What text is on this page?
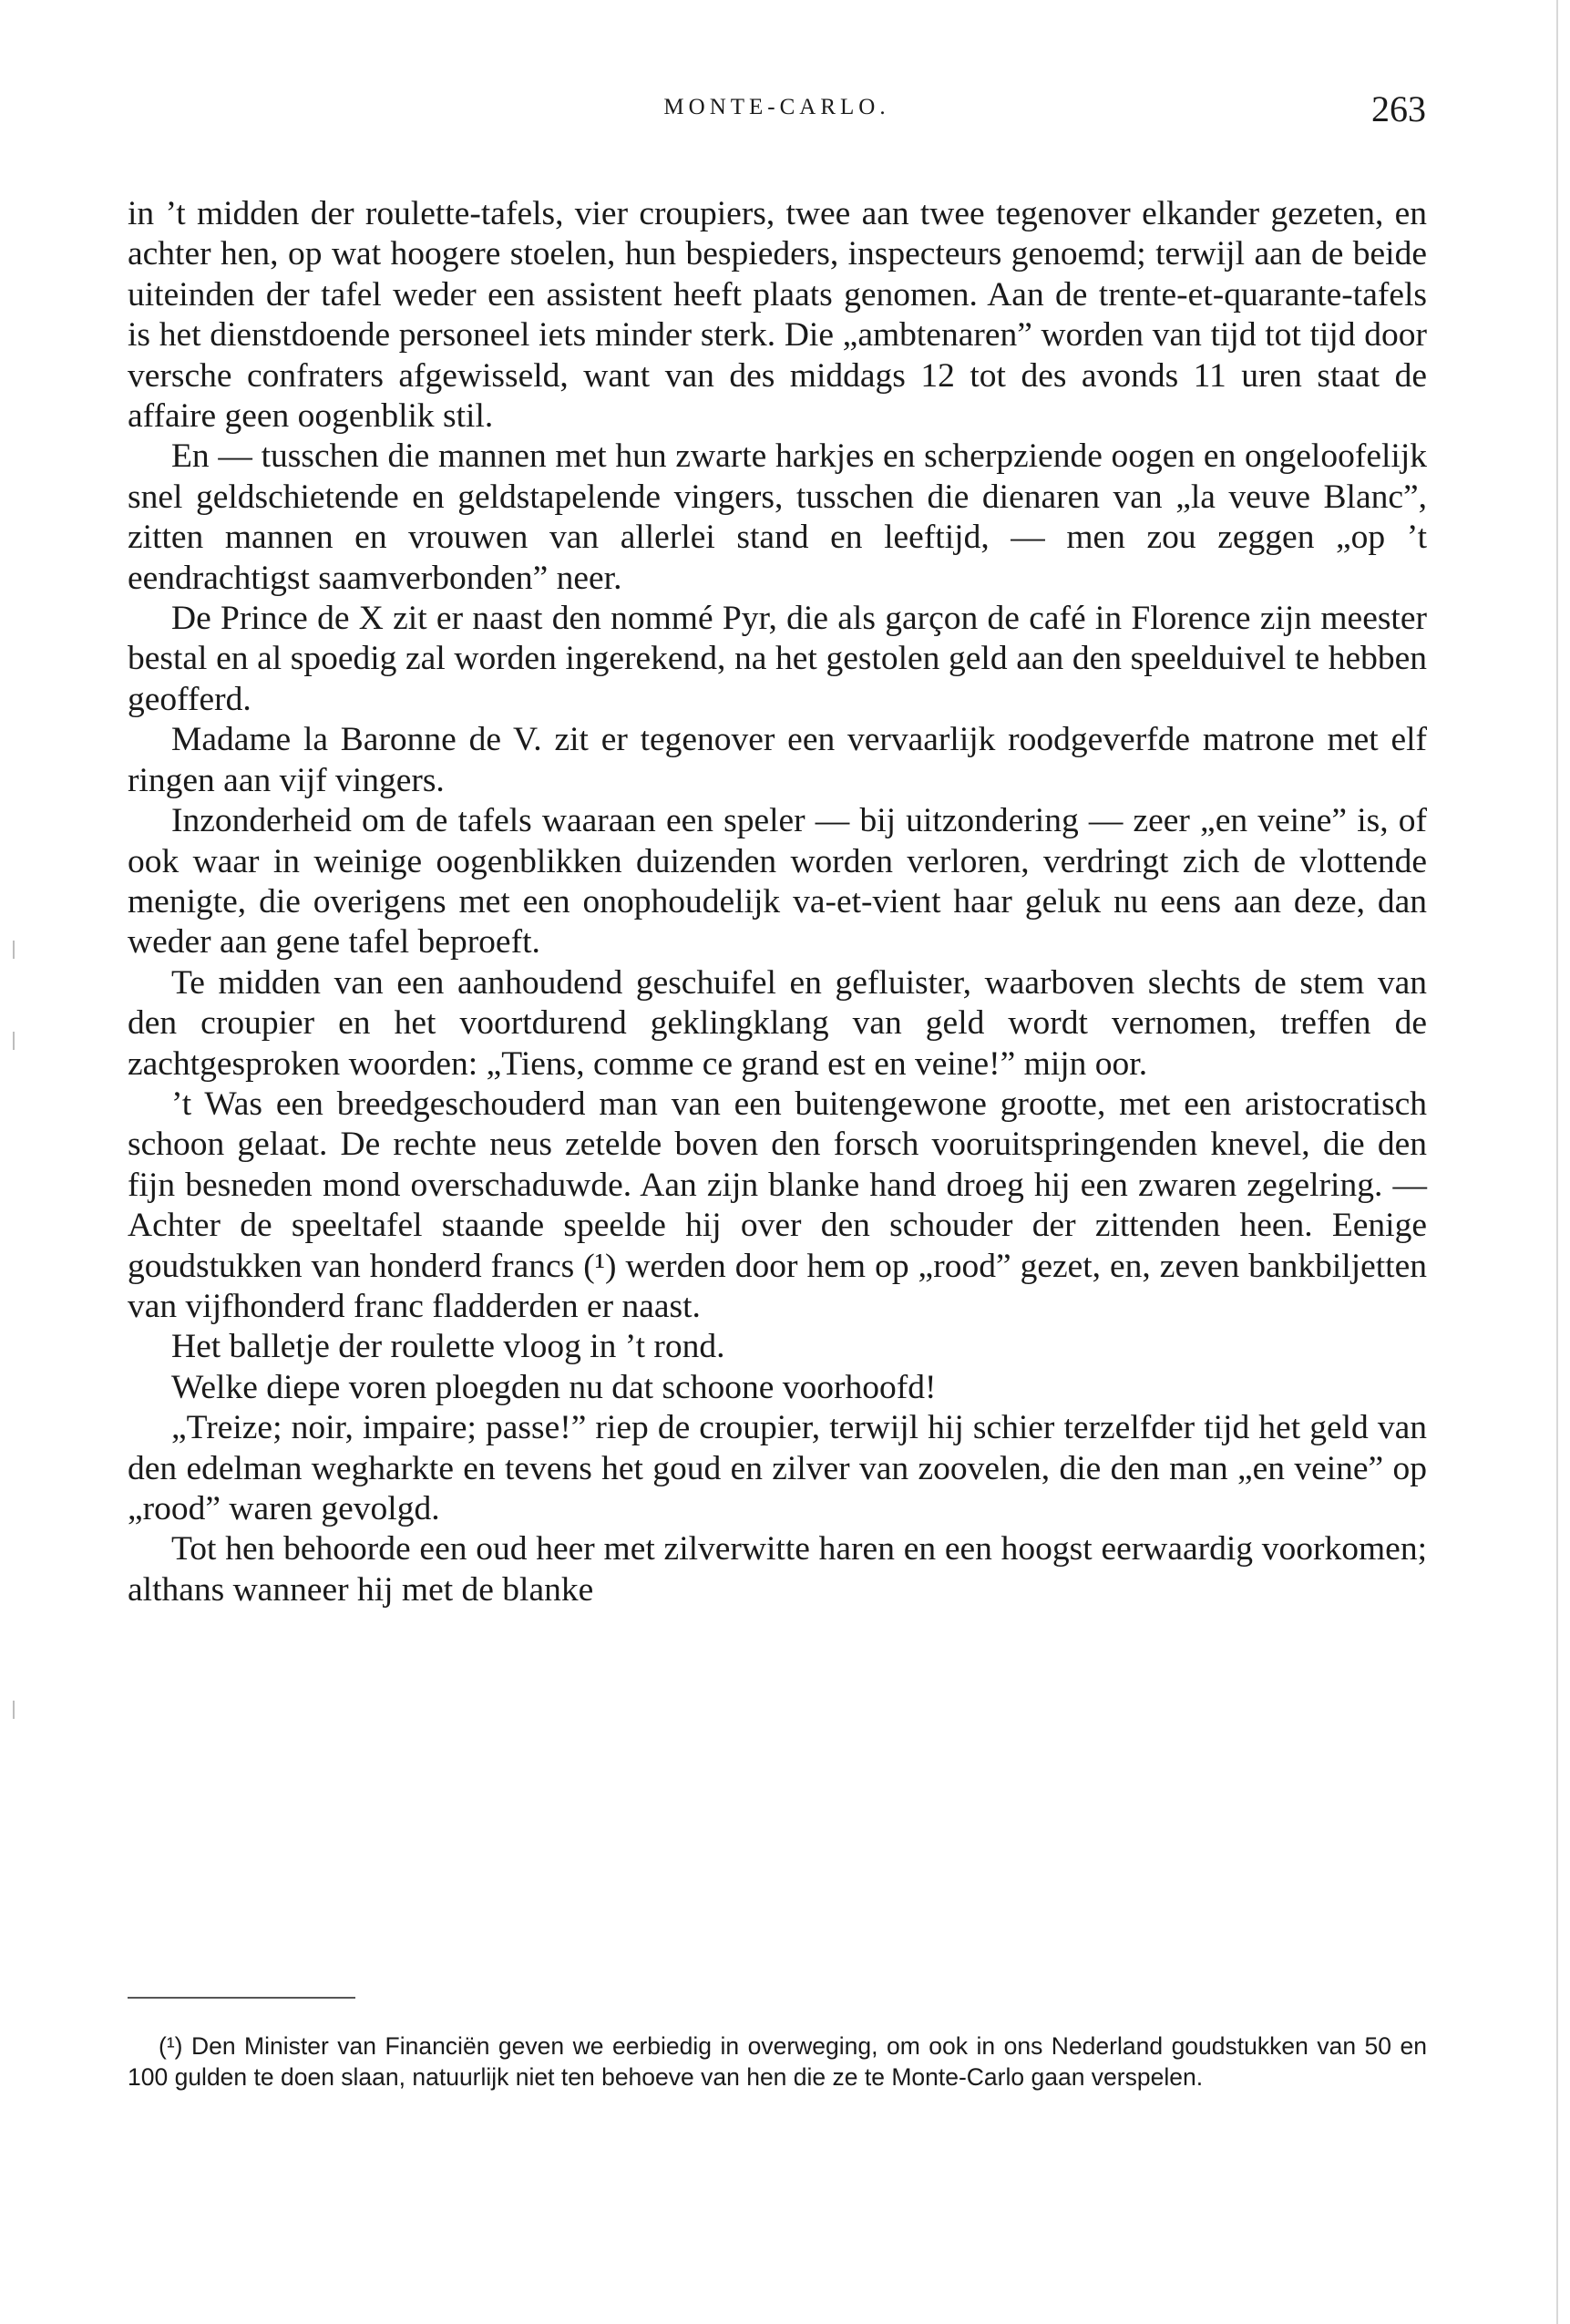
MONTE-CARLO.	263

in ’t midden der roulette-tafels, vier croupiers, twee aan twee tegenover elkander gezeten, en achter hen, op wat hoogere stoelen, hun bespieders, inspecteurs genoemd; terwijl aan de beide uiteinden der tafel weder een assistent heeft plaats genomen. Aan de trente-et-quarante-tafels is het dienstdoende personeel iets minder sterk. Die „ambtenaren” worden van tijd tot tijd door versche confraters afgewisseld, want van des middags 12 tot des avonds 11 uren staat de affaire geen oogenblik stil.

En — tusschen die mannen met hun zwarte harkjes en scherpziende oogen en ongeloofelijk snel geldschietende en geldstapelende vingers, tusschen die dienaren van „la veuve Blanc”, zitten mannen en vrouwen van allerlei stand en leeftijd, — men zou zeggen „op ’t eendrachtigst saamverbonden” neer.

De Prince de X zit er naast den nommé Pyr, die als garçon de café in Florence zijn meester bestal en al spoedig zal worden ingerekend, na het gestolen geld aan den speelduivel te hebben geofferd.

Madame la Baronne de V. zit er tegenover een vervaarlijk roodgeverfde matrone met elf ringen aan vijf vingers.

Inzonderheid om de tafels waaraan een speler — bij uitzondering — zeer „en veine” is, of ook waar in weinige oogenblikken duizenden worden verloren, verdringt zich de vlottende menigte, die overigens met een onophoudelijk va-et-vient haar geluk nu eens aan deze, dan weder aan gene tafel beproeft.

Te midden van een aanhoudend geschuifel en gefluister, waarboven slechts de stem van den croupier en het voortdurend geklingklang van geld wordt vernomen, treffen de zachtgesproken woorden: „Tiens, comme ce grand est en veine!” mijn oor.

’t Was een breedgeschouderd man van een buitengewone grootte, met een aristocratisch schoon gelaat. De rechte neus zetelde boven den forsch vooruitspringenden knevel, die den fijn besneden mond overschaduwde. Aan zijn blanke hand droeg hij een zwaren zegelring. — Achter de speeltafel staande speelde hij over den schouder der zittenden heen. Eenige goudstukken van honderd francs (¹) werden door hem op „rood” gezet, en, zeven bankbiljetten van vijfhonderd franc fladderden er naast.

Het balletje der roulette vloog in ’t rond.

Welke diepe voren ploegden nu dat schoone voorhoofd!

„Treize; noir, impaire; passe!” riep de croupier, terwijl hij schier terzelfder tijd het geld van den edelman wegharkte en tevens het goud en zilver van zoovelen, die den man „en veine” op „rood” waren gevolgd.

Tot hen behoorde een oud heer met zilverwitte haren en een hoogst eerwaardig voorkomen; althans wanneer hij met de blanke

(¹) Den Minister van Financiën geven we eerbiedig in overweging, om ook in ons Nederland goudstukken van 50 en 100 gulden te doen slaan, natuurlijk niet ten behoeve van hen die ze te Monte-Carlo gaan verspelen.
